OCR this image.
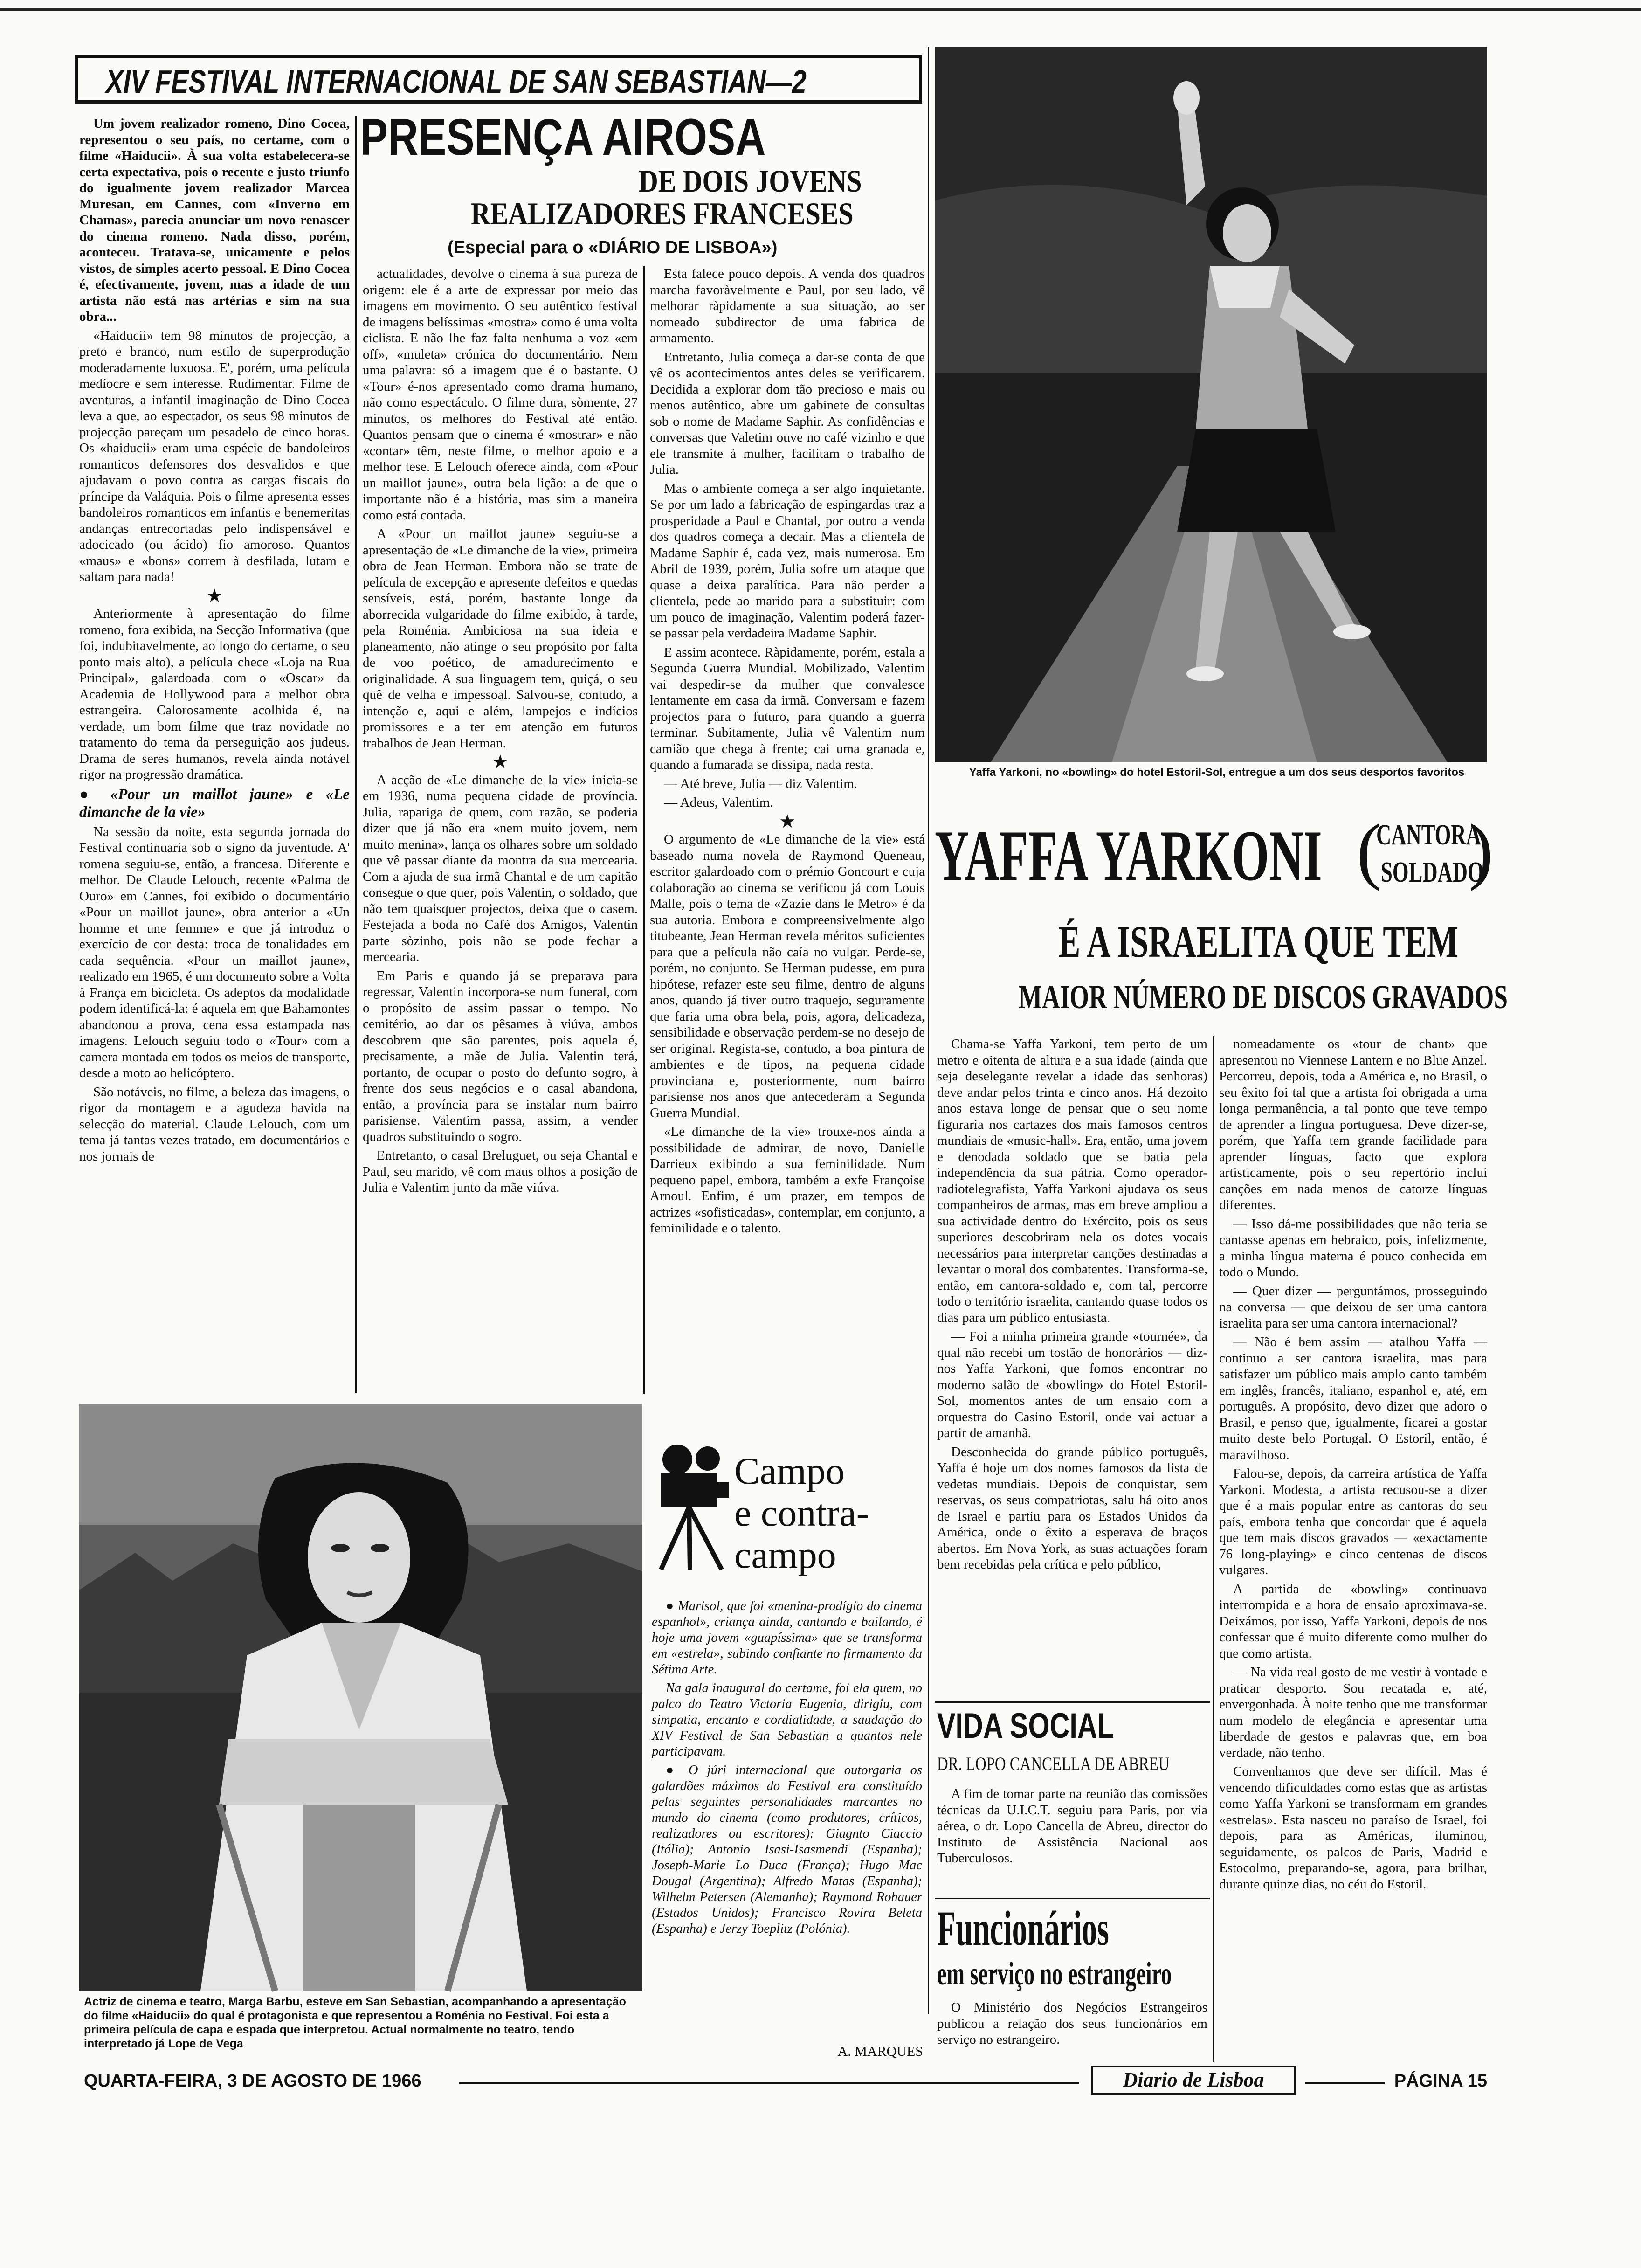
XIV FESTIVAL INTERNACIONAL DE SAN SEBASTIAN—2
PRESENÇA AIROSA
DE DOIS JOVENS
REALIZADORES FRANCESES
(Especial para o «DIÁRIO DE LISBOA»)

Um jovem realizador romeno, Dino Cocea, representou o seu país, no certame, com o filme «Haiducii». À sua volta estabelecera-se certa expectativa, pois o recente e justo triunfo do igualmente jovem realizador Marcea Muresan, em Cannes, com «Inverno em Chamas», parecia anunciar um novo renascer do cinema romeno. Nada disso, porém, aconteceu. Tratava-se, unicamente e pelos vistos, de simples acerto pessoal. E Dino Cocea é, efectivamente, jovem, mas a idade de um artista não está nas artérias e sim na sua obra...

«Haiducii» tem 98 minutos de projecção, a preto e branco, num estilo de superprodução moderadamente luxuosa. E', porém, uma película medíocre e sem interesse. Rudimentar. Filme de aventuras, a infantil imaginação de Dino Cocea leva a que, ao espectador, os seus 98 minutos de projecção pareçam um pesadelo de cinco horas. Os «haiducii» eram uma espécie de bandoleiros romanticos defensores dos desvalidos e que ajudavam o povo contra as cargas fiscais do príncipe da Valáquia. Pois o filme apresenta esses bandoleiros romanticos em infantis e benemeritas andanças entrecortadas pelo indispensável e adocicado (ou ácido) fio amoroso. Quantos «maus» e «bons» correm à desfilada, lutam e saltam para nada!

★

Anteriormente à apresentação do filme romeno, fora exibida, na Secção Informativa (que foi, indubitavelmente, ao longo do certame, o seu ponto mais alto), a película chece «Loja na Rua Principal», galardoada com o «Oscar» da Academia de Hollywood para a melhor obra estrangeira. Calorosamente acolhida é, na verdade, um bom filme que traz novidade no tratamento do tema da perseguição aos judeus. Drama de seres humanos, revela ainda notável rigor na progressão dramática.

● «Pour un maillot jaune» e «Le dimanche de la vie»

Na sessão da noite, esta segunda jornada do Festival continuaria sob o signo da juventude. A' romena seguiu-se, então, a francesa. Diferente e melhor. De Claude Lelouch, recente «Palma de Ouro» em Cannes, foi exibido o documentário «Pour un maillot jaune», obra anterior a «Un homme et une femme» e que já introduz o exercício de cor desta: troca de tonalidades em cada sequência. «Pour un maillot jaune», realizado em 1965, é um documento sobre a Volta à França em bicicleta. Os adeptos da modalidade podem identificá-la: é aquela em que Bahamontes abandonou a prova, cena essa estampada nas imagens. Lelouch seguiu todo o «Tour» com a camera montada em todos os meios de transporte, desde a moto ao helicóptero.

São notáveis, no filme, a beleza das imagens, o rigor da montagem e a agudeza havida na selecção do material. Claude Lelouch, com um tema já tantas vezes tratado, em documentários e nos jornais de

actualidades, devolve o cinema à sua pureza de origem: ele é a arte de expressar por meio das imagens em movimento. O seu autêntico festival de imagens belíssimas «mostra» como é uma volta ciclista. E não lhe faz falta nenhuma a voz «em off», «muleta» crónica do documentário. Nem uma palavra: só a imagem que é o bastante. O «Tour» é-nos apresentado como drama humano, não como espectáculo. O filme dura, sòmente, 27 minutos, os melhores do Festival até então. Quantos pensam que o cinema é «mostrar» e não «contar» têm, neste filme, o melhor apoio e a melhor tese. E Lelouch oferece ainda, com «Pour un maillot jaune», outra bela lição: a de que o importante não é a história, mas sim a maneira como está contada.

A «Pour un maillot jaune» seguiu-se a apresentação de «Le dimanche de la vie», primeira obra de Jean Herman. Embora não se trate de película de excepção e apresente defeitos e quedas sensíveis, está, porém, bastante longe da aborrecida vulgaridade do filme exibido, à tarde, pela Roménia. Ambiciosa na sua ideia e planeamento, não atinge o seu propósito por falta de voo poético, de amadurecimento e originalidade. A sua linguagem tem, quiçá, o seu quê de velha e impessoal. Salvou-se, contudo, a intenção e, aqui e além, lampejos e indícios promissores e a ter em atenção em futuros trabalhos de Jean Herman.

★

A acção de «Le dimanche de la vie» inicia-se em 1936, numa pequena cidade de província. Julia, rapariga de quem, com razão, se poderia dizer que já não era «nem muito jovem, nem muito menina», lança os olhares sobre um soldado que vê passar diante da montra da sua mercearia. Com a ajuda de sua irmã Chantal e de um capitão consegue o que quer, pois Valentin, o soldado, que não tem quaisquer projectos, deixa que o casem. Festejada a boda no Café dos Amigos, Valentin parte sòzinho, pois não se pode fechar a mercearia.

Em Paris e quando já se preparava para regressar, Valentin incorpora-se num funeral, com o propósito de assim passar o tempo. No cemitério, ao dar os pêsames à viúva, ambos descobrem que são parentes, pois aquela é, precisamente, a mãe de Julia. Valentin terá, portanto, de ocupar o posto do defunto sogro, à frente dos seus negócios e o casal abandona, então, a província para se instalar num bairro parisiense. Valentim passa, assim, a vender quadros substituindo o sogro.

Entretanto, o casal Breluguet, ou seja Chantal e Paul, seu marido, vê com maus olhos a posição de Julia e Valentim junto da mãe viúva.

Esta falece pouco depois. A venda dos quadros marcha favoràvelmente e Paul, por seu lado, vê melhorar ràpidamente a sua situação, ao ser nomeado subdirector de uma fabrica de armamento.

Entretanto, Julia começa a dar-se conta de que vê os acontecimentos antes deles se verificarem. Decidida a explorar dom tão precioso e mais ou menos autêntico, abre um gabinete de consultas sob o nome de Madame Saphir. As confidências e conversas que Valetim ouve no café vizinho e que ele transmite à mulher, facilitam o trabalho de Julia.

Mas o ambiente começa a ser algo inquietante. Se por um lado a fabricação de espingardas traz a prosperidade a Paul e Chantal, por outro a venda dos quadros começa a decair. Mas a clientela de Madame Saphir é, cada vez, mais numerosa. Em Abril de 1939, porém, Julia sofre um ataque que quase a deixa paralítica. Para não perder a clientela, pede ao marido para a substituir: com um pouco de imaginação, Valentim poderá fazer-se passar pela verdadeira Madame Saphir.

E assim acontece. Ràpidamente, porém, estala a Segunda Guerra Mundial. Mobilizado, Valentim vai despedir-se da mulher que convalesce lentamente em casa da irmã. Conversam e fazem projectos para o futuro, para quando a guerra terminar. Subitamente, Julia vê Valentim num camião que chega à frente; cai uma granada e, quando a fumarada se dissipa, nada resta.

— Até breve, Julia — diz Valentim.

— Adeus, Valentim.

★

O argumento de «Le dimanche de la vie» está baseado numa novela de Raymond Queneau, escritor galardoado com o prémio Goncourt e cuja colaboração ao cinema se verificou já com Louis Malle, pois o tema de «Zazie dans le Metro» é da sua autoria. Embora e compreensivelmente algo titubeante, Jean Herman revela méritos suficientes para que a película não caía no vulgar. Perde-se, porém, no conjunto. Se Herman pudesse, em pura hipótese, refazer este seu filme, dentro de alguns anos, quando já tiver outro traquejo, seguramente que faria uma obra bela, pois, agora, delicadeza, sensibilidade e observação perdem-se no desejo de ser original. Regista-se, contudo, a boa pintura de ambientes e de tipos, na pequena cidade provinciana e, posteriormente, num bairro parisiense nos anos que antecederam a Segunda Guerra Mundial.

«Le dimanche de la vie» trouxe-nos ainda a possibilidade de admirar, de novo, Danielle Darrieux exibindo a sua feminilidade. Num pequeno papel, embora, também a exfe Françoise Arnoul. Enfim, é um prazer, em tempos de actrizes «sofisticadas», contemplar, em conjunto, a feminilidade e o talento.

Actriz de cinema e teatro, Marga Barbu, esteve em San Sebastian, acompanhando a apresentação do filme «Haiducii» do qual é protagonista e que representou a Roménia no Festival. Foi esta a primeira película de capa e espada que interpretou. Actual normalmente no teatro, tendo interpretado já Lope de Vega
Campo
e contra-
campo

● Marisol, que foi «menina-prodígio do cinema espanhol», criança ainda, cantando e bailando, é hoje uma jovem «guapíssima» que se transforma em «estrela», subindo confiante no firmamento da Sétima Arte.

Na gala inaugural do certame, foi ela quem, no palco do Teatro Victoria Eugenia, dirigiu, com simpatia, encanto e cordialidade, a saudação do XIV Festival de San Sebastian a quantos nele participavam.

● O júri internacional que outorgaria os galardões máximos do Festival era constituído pelas seguintes personalidades marcantes no mundo do cinema (como produtores, críticos, realizadores ou escritores): Giagnto Ciaccio (Itália); Antonio Isasi-Isasmendi (Espanha); Joseph-Marie Lo Duca (França); Hugo Mac Dougal (Argentina); Alfredo Matas (Espanha); Wilhelm Petersen (Alemanha); Raymond Rohauer (Estados Unidos); Francisco Rovira Beleta (Espanha) e Jerzy Toeplitz (Polónia).

A. MARQUES
Yaffa Yarkoni, no «bowling» do hotel Estoril-Sol, entregue a um dos seus desportos favoritos
YAFFA YARKONI (
CANTORA
SOLDADO
)
É A ISRAELITA QUE TEM
MAIOR NÚMERO DE DISCOS GRAVADOS

Chama-se Yaffa Yarkoni, tem perto de um metro e oitenta de altura e a sua idade (ainda que seja deselegante revelar a idade das senhoras) deve andar pelos trinta e cinco anos. Há dezoito anos estava longe de pensar que o seu nome figuraria nos cartazes dos mais famosos centros mundiais de «music-hall». Era, então, uma jovem e denodada soldado que se batia pela independência da sua pátria. Como operador-radiotelegrafista, Yaffa Yarkoni ajudava os seus companheiros de armas, mas em breve ampliou a sua actividade dentro do Exército, pois os seus superiores descobriram nela os dotes vocais necessários para interpretar canções destinadas a levantar o moral dos combatentes. Transforma-se, então, em cantora-soldado e, com tal, percorre todo o território israelita, cantando quase todos os dias para um público entusiasta.

— Foi a minha primeira grande «tournée», da qual não recebi um tostão de honorários — diz-nos Yaffa Yarkoni, que fomos encontrar no moderno salão de «bowling» do Hotel Estoril-Sol, momentos antes de um ensaio com a orquestra do Casino Estoril, onde vai actuar a partir de amanhã.

Desconhecida do grande público português, Yaffa é hoje um dos nomes famosos da lista de vedetas mundiais. Depois de conquistar, sem reservas, os seus compatriotas, salu há oito anos de Israel e partiu para os Estados Unidos da América, onde o êxito a esperava de braços abertos. Em Nova York, as suas actuações foram bem recebidas pela crítica e pelo público,

nomeadamente os «tour de chant» que apresentou no Viennese Lantern e no Blue Anzel. Percorreu, depois, toda a América e, no Brasil, o seu êxito foi tal que a artista foi obrigada a uma longa permanência, a tal ponto que teve tempo de aprender a língua portuguesa. Deve dizer-se, porém, que Yaffa tem grande facilidade para aprender línguas, facto que explora artisticamente, pois o seu repertório inclui canções em nada menos de catorze línguas diferentes.

— Isso dá-me possibilidades que não teria se cantasse apenas em hebraico, pois, infelizmente, a minha língua materna é pouco conhecida em todo o Mundo.

— Quer dizer — perguntámos, prosseguindo na conversa — que deixou de ser uma cantora israelita para ser uma cantora internacional?

— Não é bem assim — atalhou Yaffa — continuo a ser cantora israelita, mas para satisfazer um público mais amplo canto também em inglês, francês, italiano, espanhol e, até, em português. A propósito, devo dizer que adoro o Brasil, e penso que, igualmente, ficarei a gostar muito deste belo Portugal. O Estoril, então, é maravilhoso.

Falou-se, depois, da carreira artística de Yaffa Yarkoni. Modesta, a artista recusou-se a dizer que é a mais popular entre as cantoras do seu país, embora tenha que concordar que é aquela que tem mais discos gravados — «exactamente 76 long-playing» e cinco centenas de discos vulgares.

A partida de «bowling» continuava interrompida e a hora de ensaio aproximava-se. Deixámos, por isso, Yaffa Yarkoni, depois de nos confessar que é muito diferente como mulher do que como artista.

— Na vida real gosto de me vestir à vontade e praticar desporto. Sou recatada e, até, envergonhada. À noite tenho que me transformar num modelo de elegância e apresentar uma liberdade de gestos e palavras que, em boa verdade, não tenho.

Convenhamos que deve ser difícil. Mas é vencendo dificuldades como estas que as artistas como Yaffa Yarkoni se transformam em grandes «estrelas». Esta nasceu no paraíso de Israel, foi depois, para as Américas, iluminou, seguidamente, os palcos de Paris, Madrid e Estocolmo, preparando-se, agora, para brilhar, durante quinze dias, no céu do Estoril.

VIDA SOCIAL
DR. LOPO CANCELLA DE ABREU

A fim de tomar parte na reunião das comissões técnicas da U.I.C.T. seguiu para Paris, por via aérea, o dr. Lopo Cancella de Abreu, director do Instituto de Assistência Nacional aos Tuberculosos.

Funcionários
em serviço no estrangeiro

O Ministério dos Negócios Estrangeiros publicou a relação dos seus funcionários em serviço no estrangeiro.

QUARTA-FEIRA, 3 DE AGOSTO DE 1966	Diario de Lisboa	PÁGINA 15
